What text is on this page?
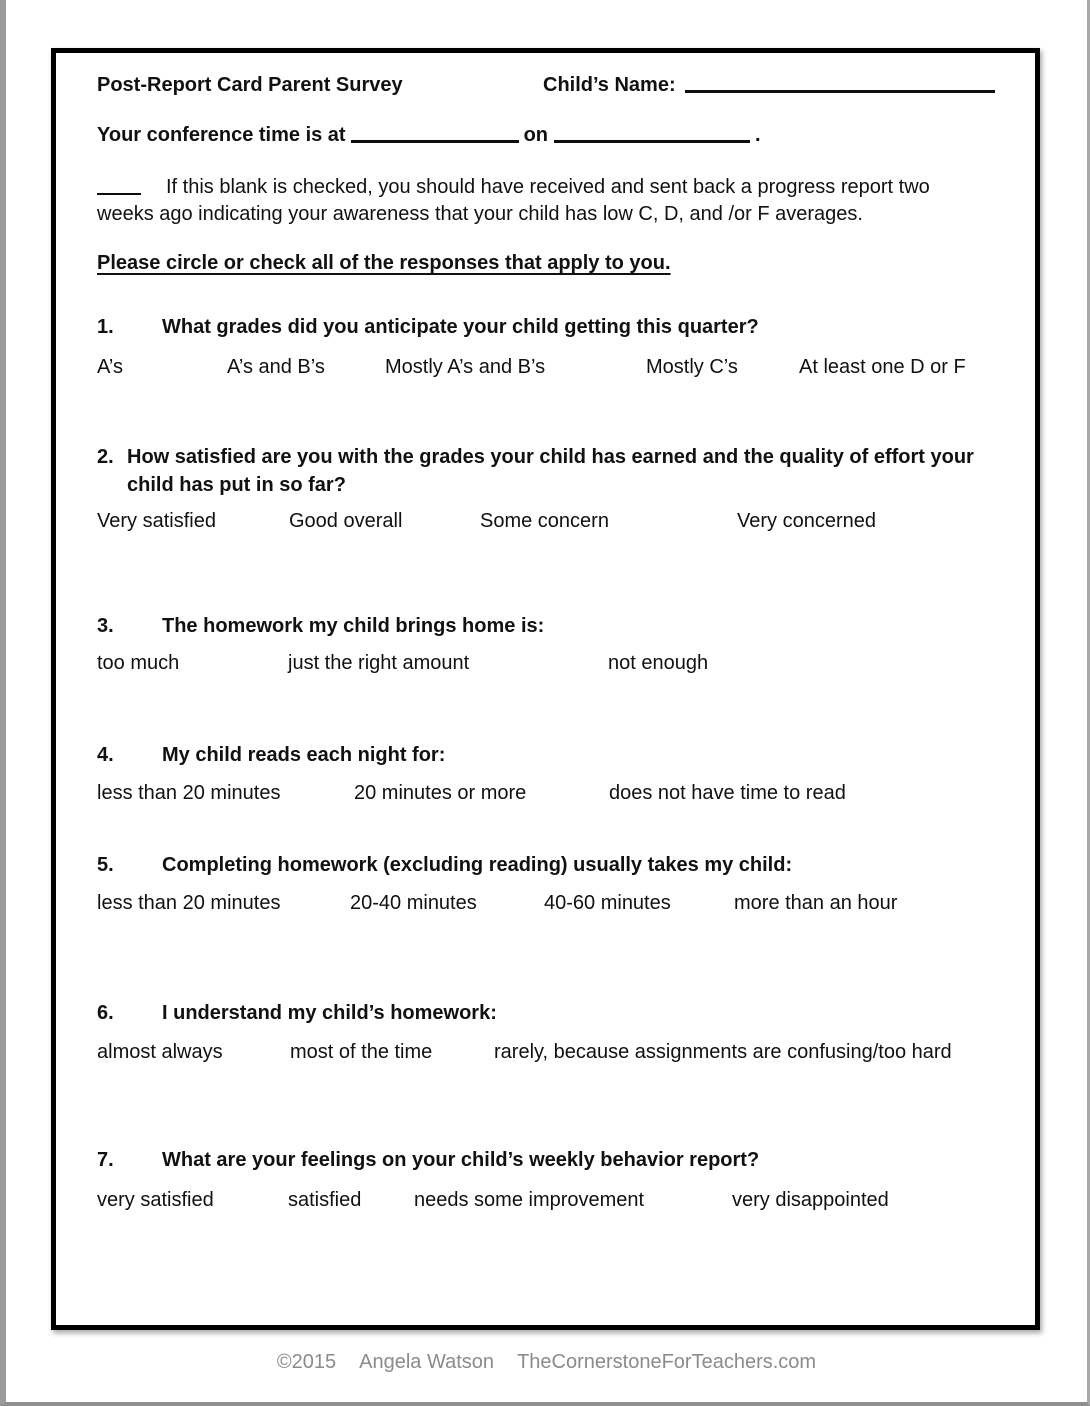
Post-Report Card Parent Survey	Child’s Name:
Your conference time is at	on	.
If this blank is checked, you should have received and sent back a progress report two weeks ago indicating your awareness that your child has low C, D, and /or F averages.
Please circle or check all of the responses that apply to you.
1.	What grades did you anticipate your child getting this quarter?
A’s	A’s and B’s	Mostly A’s and B’s	Mostly C’s	At least one D or F
2. How satisfied are you with the grades your child has earned and the quality of effort your child has put in so far?
Very satisfied	Good overall	Some concern	Very concerned
3.	The homework my child brings home is:
too much	just the right amount	not enough
4.	My child reads each night for:
less than 20 minutes	20 minutes or more	does not have time to read
5.	Completing homework (excluding reading) usually takes my child:
less than 20 minutes	20-40 minutes	40-60 minutes	more than an hour
6.	I understand my child’s homework:
almost always	most of the time	rarely, because assignments are confusing/too hard
7.	What are your feelings on your child’s weekly behavior report?
very satisfied	satisfied	needs some improvement	very disappointed
©2015 Angela Watson TheCornerstoneForTeachers.com
